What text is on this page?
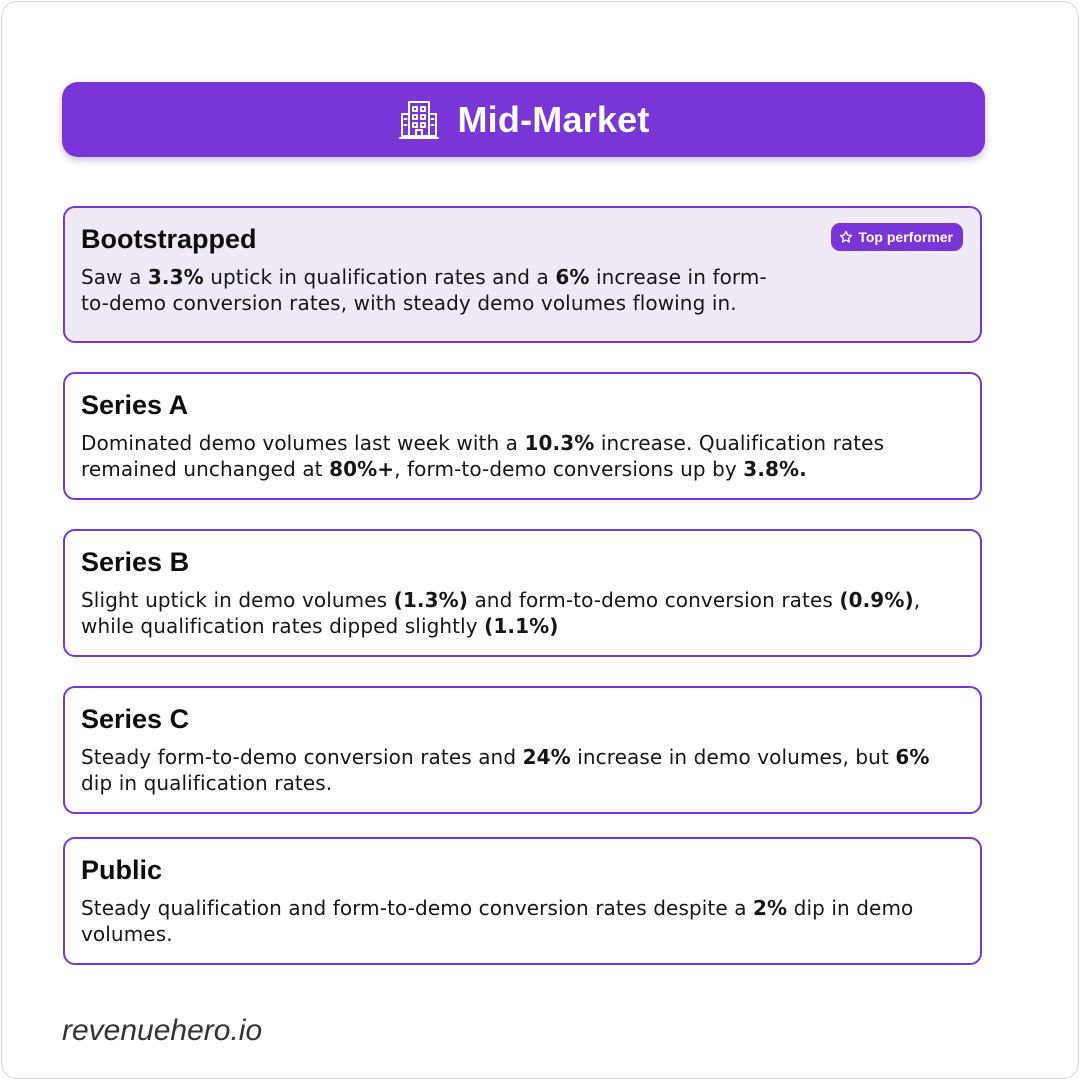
Mid-Market
Bootstrapped	Top performer

Saw a 3.3% uptick in qualification rates and a 6% increase in form-
to-demo conversion rates, with steady demo volumes flowing in.

Series A

Dominated demo volumes last week with a 10.3% increase. Qualification rates remained unchanged at 80%+, form-to-demo conversions up by 3.8%.

Series B

Slight uptick in demo volumes (1.3%) and form-to-demo conversion rates (0.9%), while qualification rates dipped slightly (1.1%)

Series C

Steady form-to-demo conversion rates and 24% increase in demo volumes, but 6% dip in qualification rates.

Public

Steady qualification and form-to-demo conversion rates despite a 2% dip in demo volumes.

revenuehero.io
